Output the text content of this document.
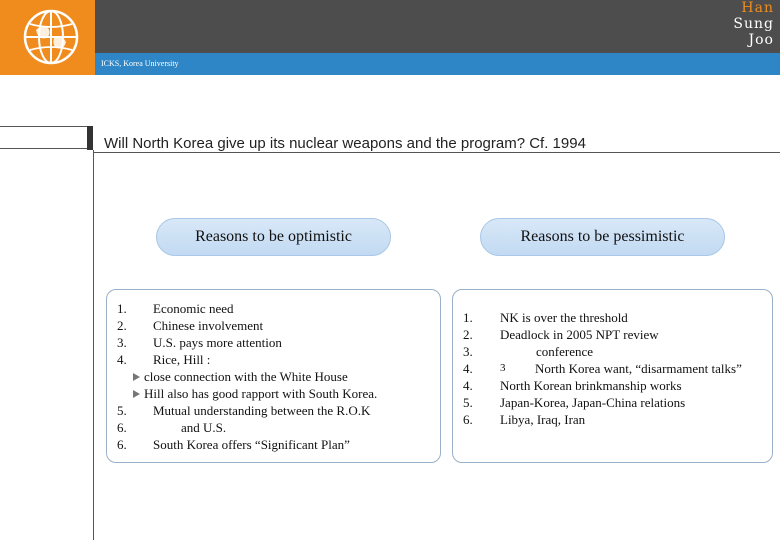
Han
Sung
Joo
ICKS, Korea University
Will North Korea give up its nuclear weapons and the program? Cf. 1994
Reasons to be optimistic	Reasons to be pessimistic
1. Economic need
2. Chinese involvement
3. U.S. pays more attention
4. Rice, Hill :
close connection with the White House
Hill also has good rapport with South Korea.
5. Mutual understanding between the R.O.K
6.	and U.S.
6. South Korea offers “Significant Plan”
1. NK is over the threshold
2. Deadlock in 2005 NPT review
3.	conference
4. 3 North Korea want, “disarmament talks”
4. North Korean brinkmanship works
5. Japan-Korea, Japan-China relations
6. Libya, Iraq, Iran
